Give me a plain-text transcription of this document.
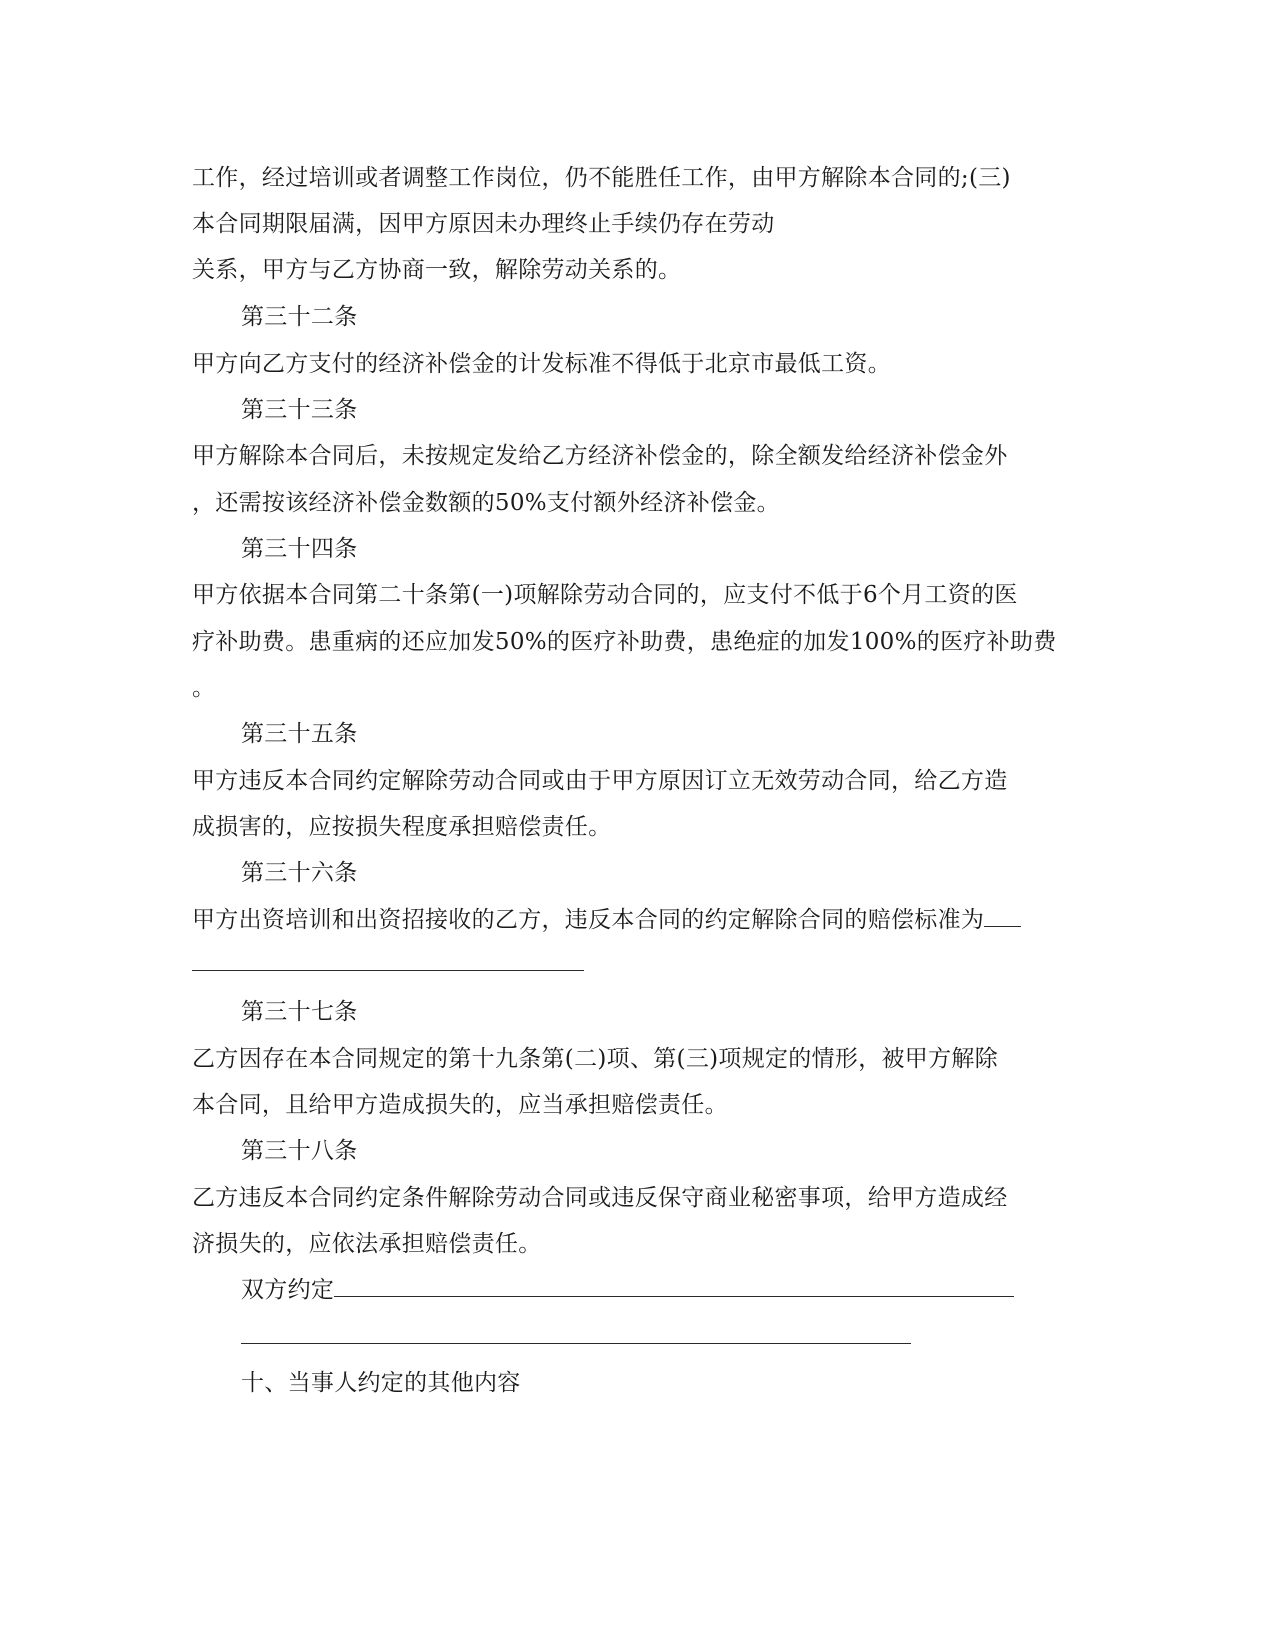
工作，经过培训或者调整工作岗位，仍不能胜任工作，由甲方解除本合同的;(三)
本合同期限届满，因甲方原因未办理终止手续仍存在劳动
关系，甲方与乙方协商一致，解除劳动关系的。
第三十二条
甲方向乙方支付的经济补偿金的计发标准不得低于北京市最低工资。
第三十三条
甲方解除本合同后，未按规定发给乙方经济补偿金的，除全额发给经济补偿金外
，还需按该经济补偿金数额的50%支付额外经济补偿金。
第三十四条
甲方依据本合同第二十条第(一)项解除劳动合同的，应支付不低于6个月工资的医
疗补助费。患重病的还应加发50%的医疗补助费，患绝症的加发100%的医疗补助费
。
第三十五条
甲方违反本合同约定解除劳动合同或由于甲方原因订立无效劳动合同，给乙方造
成损害的，应按损失程度承担赔偿责任。
第三十六条
甲方出资培训和出资招接收的乙方，违反本合同的约定解除合同的赔偿标准为
第三十七条
乙方因存在本合同规定的第十九条第(二)项、第(三)项规定的情形，被甲方解除
本合同，且给甲方造成损失的，应当承担赔偿责任。
第三十八条
乙方违反本合同约定条件解除劳动合同或违反保守商业秘密事项，给甲方造成经
济损失的，应依法承担赔偿责任。
双方约定
十、当事人约定的其他内容
